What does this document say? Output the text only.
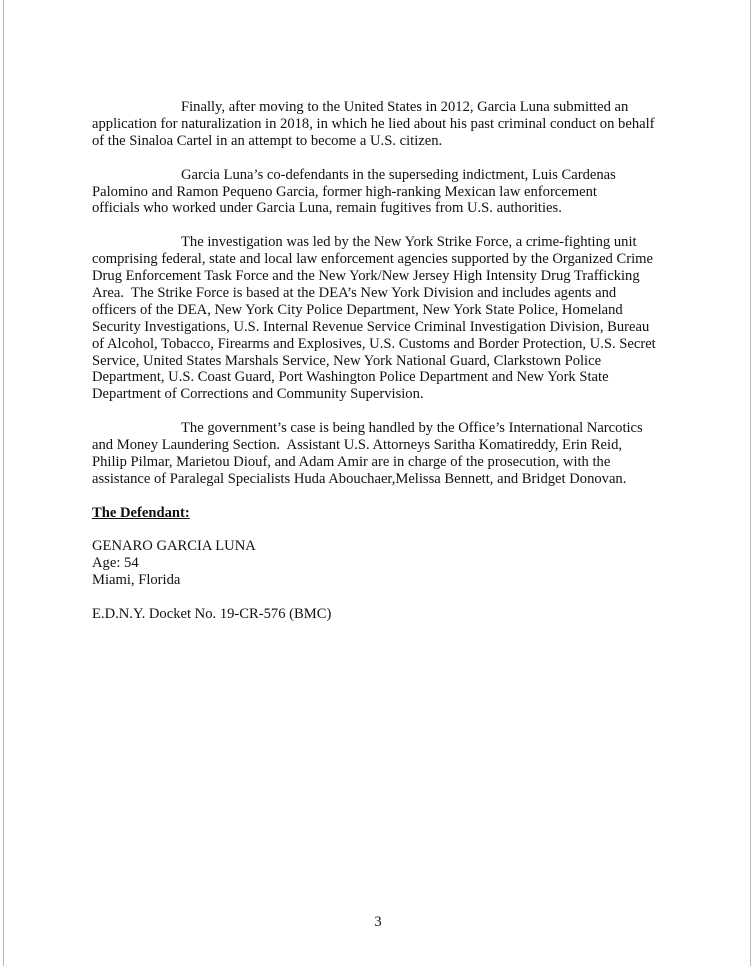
Finally, after moving to the United States in 2012, Garcia Luna submitted an
application for naturalization in 2018, in which he lied about his past criminal conduct on behalf
of the Sinaloa Cartel in an attempt to become a U.S. citizen.

Garcia Luna’s co-defendants in the superseding indictment, Luis Cardenas
Palomino and Ramon Pequeno Garcia, former high-ranking Mexican law enforcement
officials who worked under Garcia Luna, remain fugitives from U.S. authorities.

The investigation was led by the New York Strike Force, a crime-fighting unit
comprising federal, state and local law enforcement agencies supported by the Organized Crime
Drug Enforcement Task Force and the New York/New Jersey High Intensity Drug Trafficking
Area.  The Strike Force is based at the DEA’s New York Division and includes agents and
officers of the DEA, New York City Police Department, New York State Police, Homeland
Security Investigations, U.S. Internal Revenue Service Criminal Investigation Division, Bureau
of Alcohol, Tobacco, Firearms and Explosives, U.S. Customs and Border Protection, U.S. Secret
Service, United States Marshals Service, New York National Guard, Clarkstown Police
Department, U.S. Coast Guard, Port Washington Police Department and New York State
Department of Corrections and Community Supervision.

The government’s case is being handled by the Office’s International Narcotics
and Money Laundering Section.  Assistant U.S. Attorneys Saritha Komatireddy, Erin Reid,
Philip Pilmar, Marietou Diouf, and Adam Amir are in charge of the prosecution, with the
assistance of Paralegal Specialists Huda Abouchaer,Melissa Bennett, and Bridget Donovan.

The Defendant:

GENARO GARCIA LUNA
Age: 54
Miami, Florida
E.D.N.Y. Docket No. 19-CR-576 (BMC)
3
